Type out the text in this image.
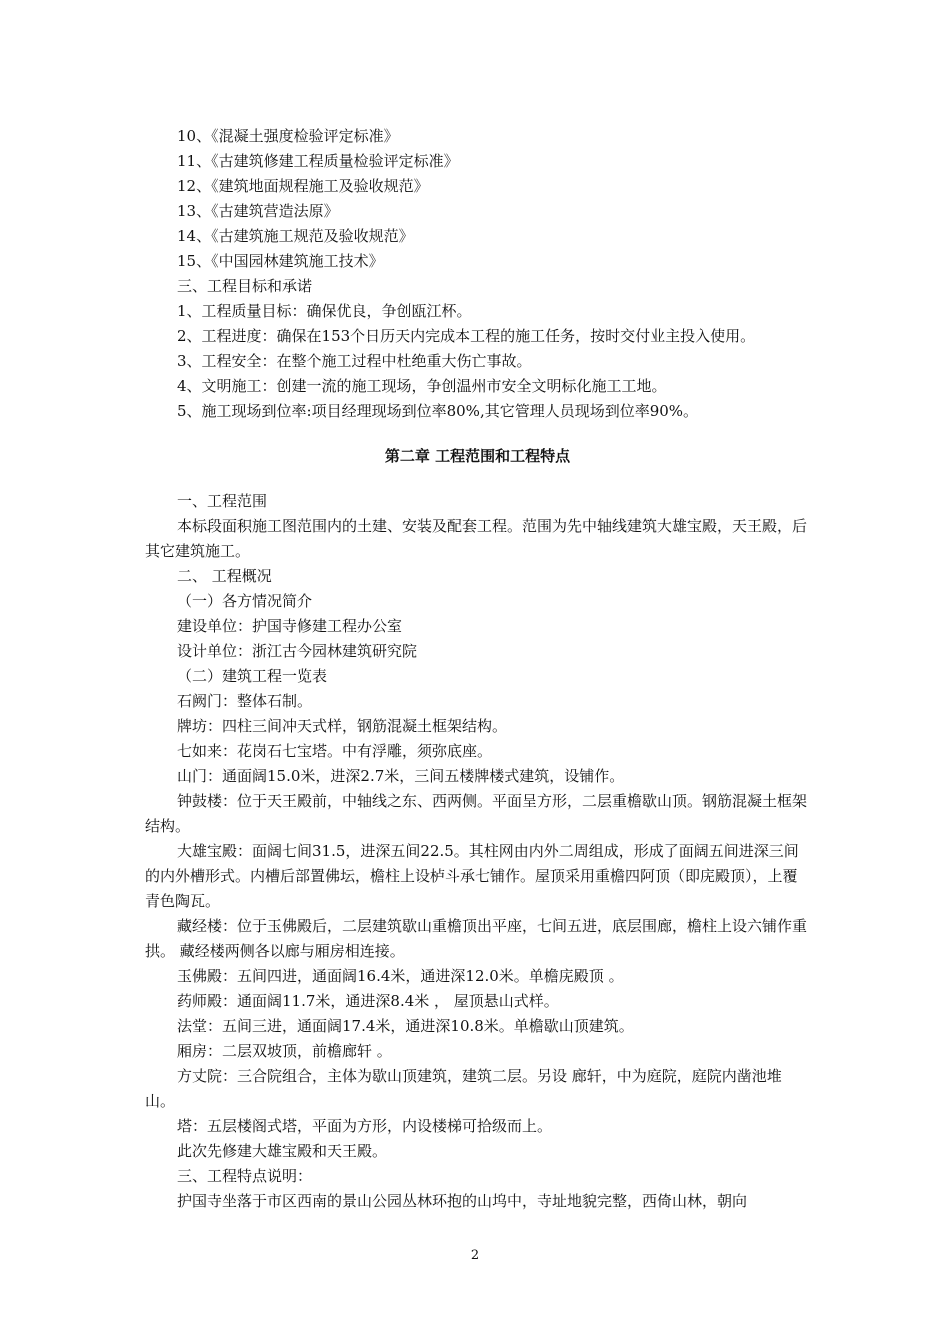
10、《混凝土强度检验评定标准》
11、《古建筑修建工程质量检验评定标准》
12、《建筑地面规程施工及验收规范》
13、《古建筑营造法原》
14、《古建筑施工规范及验收规范》
15、《中国园林建筑施工技术》
三、工程目标和承诺
1、工程质量目标：确保优良，争创瓯江杯。
2、工程进度：确保在153个日历天内完成本工程的施工任务，按时交付业主投入使用。
3、工程安全：在整个施工过程中杜绝重大伤亡事故。
4、文明施工：创建一流的施工现场，争创温州市安全文明标化施工工地。
5、施工现场到位率:项目经理现场到位率80%,其它管理人员现场到位率90%。
第二章 工程范围和工程特点
一、工程范围
本标段面积施工图范围内的土建、安装及配套工程。范围为先中轴线建筑大雄宝殿，天王殿，后其它建筑施工。
二、 工程概况
（一）各方情况简介
建设单位：护国寺修建工程办公室
设计单位：浙江古今园林建筑研究院
（二）建筑工程一览表
石阙门：整体石制。
牌坊：四柱三间冲天式样，钢筋混凝土框架结构。
七如来：花岗石七宝塔。中有浮雕，须弥底座。
山门：通面阔15.0米，进深2.7米，三间五楼牌楼式建筑，设铺作。
钟鼓楼：位于天王殿前，中轴线之东、西两侧。平面呈方形，二层重檐歇山顶。钢筋混凝土框架结构。
大雄宝殿：面阔七间31.5，进深五间22.5。其柱网由内外二周组成，形成了面阔五间进深三间的内外槽形式。内槽后部置佛坛，檐柱上设栌斗承七铺作。屋顶采用重檐四阿顶（即庑殿顶），上覆青色陶瓦。
藏经楼：位于玉佛殿后，二层建筑歇山重檐顶出平座，七间五进，底层围廊，檐柱上设六铺作重拱。 藏经楼两侧各以廊与厢房相连接。
玉佛殿：五间四进，通面阔16.4米，通进深12.0米。单檐庑殿顶 。
药师殿：通面阔11.7米，通进深8.4米 ， 屋顶悬山式样。
法堂：五间三进，通面阔17.4米，通进深10.8米。单檐歇山顶建筑。
厢房：二层双坡顶，前檐廊轩 。
方丈院：三合院组合，主体为歇山顶建筑，建筑二层。另设 廊轩，中为庭院，庭院内凿池堆山。
塔：五层楼阁式塔，平面为方形，内设楼梯可拾级而上。
此次先修建大雄宝殿和天王殿。
三、工程特点说明：
护国寺坐落于市区西南的景山公园丛林环抱的山坞中，寺址地貌完整，西倚山林，朝向
2
